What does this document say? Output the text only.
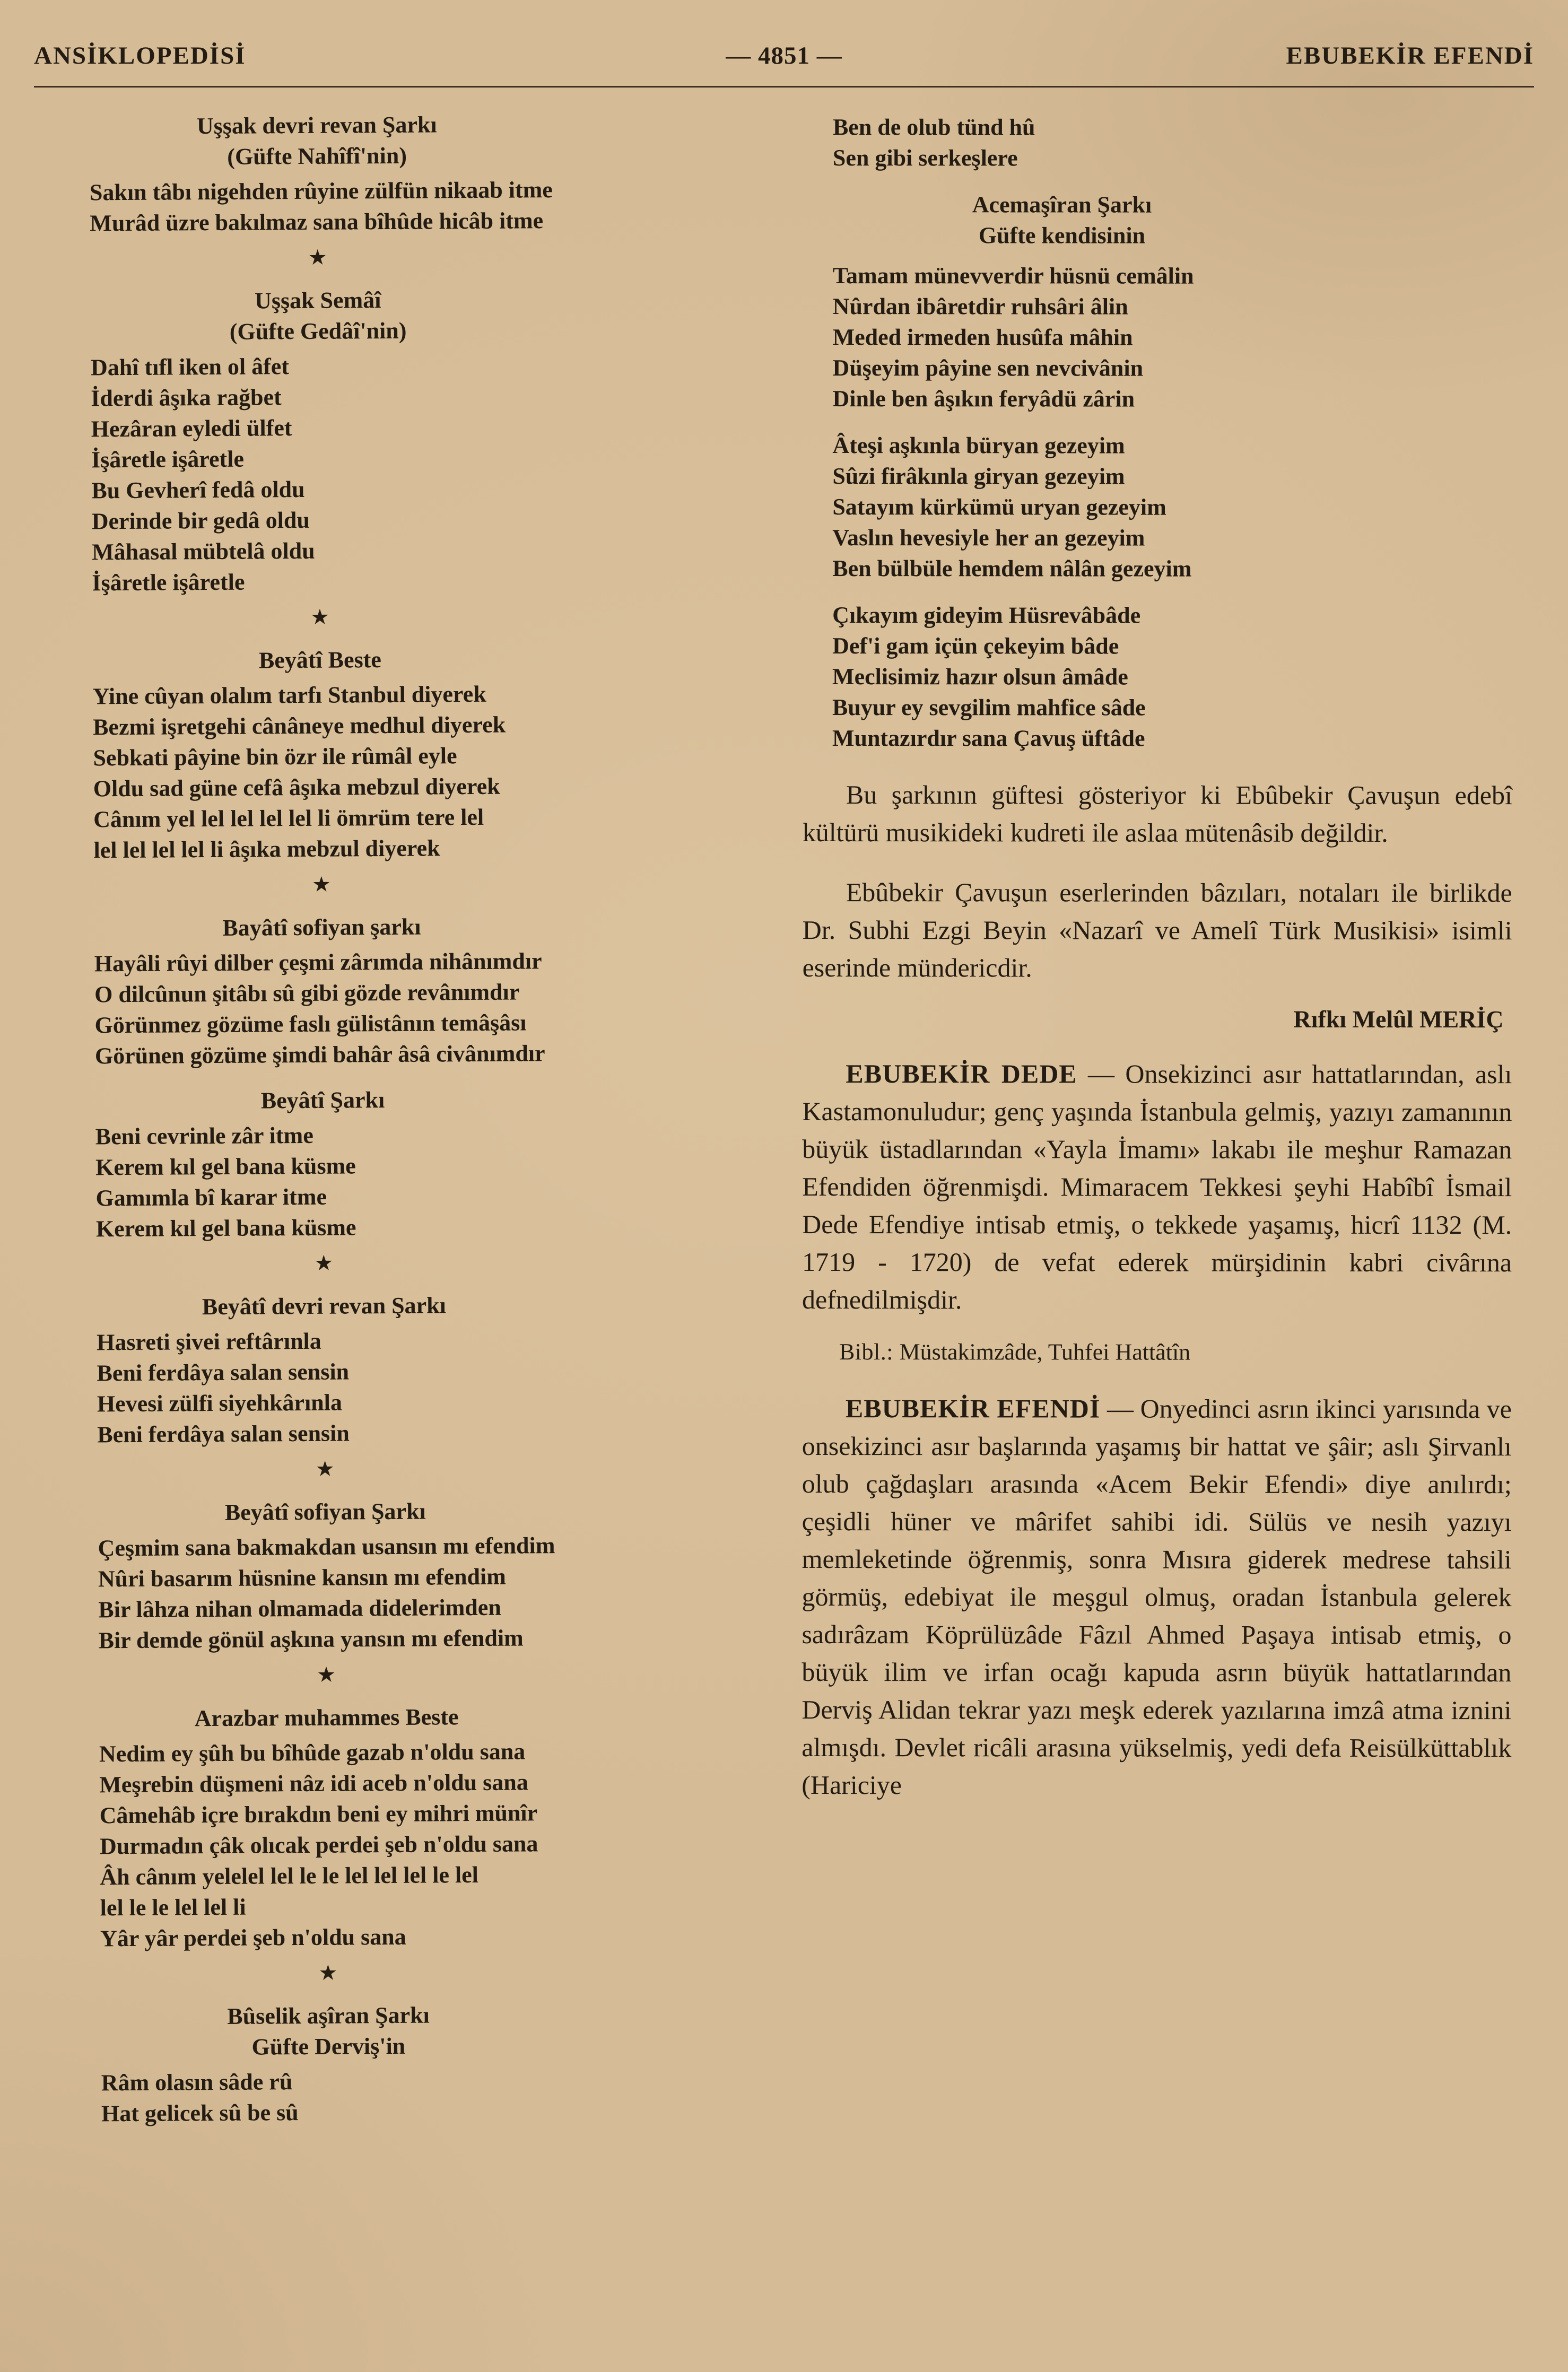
ANSİKLOPEDİSİ	— 4851 —	EBUBEKİR EFENDİ
Uşşak devri revan Şarkı
(Güfte Nahîfî'nin)
Sakın tâbı nigehden rûyine zülfün nikaab itme
Murâd üzre bakılmaz sana bîhûde hicâb itme
★
Uşşak Semâî
(Güfte Gedâî'nin)
Dahî tıfl iken ol âfet
İderdi âşıka rağbet
Hezâran eyledi ülfet
İşâretle işâretle
Bu Gevherî fedâ oldu
Derinde bir gedâ oldu
Mâhasal mübtelâ oldu
İşâretle işâretle
★
Beyâtî Beste
Yine cûyan olalım tarfı Stanbul diyerek
Bezmi işretgehi cânâneye medhul diyerek
Sebkati pâyine bin özr ile rûmâl eyle
Oldu sad güne cefâ âşıka mebzul diyerek
Cânım yel lel lel lel lel li ömrüm tere lel
lel lel lel lel li âşıka mebzul diyerek
★
Bayâtî sofiyan şarkı
Hayâli rûyi dilber çeşmi zârımda nihânımdır
O dilcûnun şitâbı sû gibi gözde revânımdır
Görünmez gözüme faslı gülistânın temâşâsı
Görünen gözüme şimdi bahâr âsâ civânımdır
Beyâtî Şarkı
Beni cevrinle zâr itme
Kerem kıl gel bana küsme
Gamımla bî karar itme
Kerem kıl gel bana küsme
★
Beyâtî devri revan Şarkı
Hasreti şivei reftârınla
Beni ferdâya salan sensin
Hevesi zülfi siyehkârınla
Beni ferdâya salan sensin
★
Beyâtî sofiyan Şarkı
Çeşmim sana bakmakdan usansın mı efendim
Nûri basarım hüsnine kansın mı efendim
Bir lâhza nihan olmamada didelerimden
Bir demde gönül aşkına yansın mı efendim
★
Arazbar muhammes Beste
Nedim ey şûh bu bîhûde gazab n'oldu sana
Meşrebin düşmeni nâz idi aceb n'oldu sana
Câmehâb içre bırakdın beni ey mihri münîr
Durmadın çâk olıcak perdei şeb n'oldu sana
Âh cânım yelelel lel le le lel lel lel le lel
lel le le lel lel li
Yâr yâr perdei şeb n'oldu sana
★
Bûselik aşîran Şarkı
Güfte Derviş'in
Râm olasın sâde rû
Hat gelicek sû be sû
Ben de olub tünd hû
Sen gibi serkeşlere
Acemaşîran Şarkı
Güfte kendisinin
Tamam münevverdir hüsnü cemâlin
Nûrdan ibâretdir ruhsâri âlin
Meded irmeden husûfa mâhin
Düşeyim pâyine sen nevcivânin
Dinle ben âşıkın feryâdü zârin
Âteşi aşkınla büryan gezeyim
Sûzi firâkınla giryan gezeyim
Satayım kürkümü uryan gezeyim
Vaslın hevesiyle her an gezeyim
Ben bülbüle hemdem nâlân gezeyim
Çıkayım gideyim Hüsrevâbâde
Def'i gam içün çekeyim bâde
Meclisimiz hazır olsun âmâde
Buyur ey sevgilim mahfice sâde
Muntazırdır sana Çavuş üftâde

Bu şarkının güftesi gösteriyor ki Ebûbekir Çavuşun edebî kültürü musikideki kudreti ile aslaa mütenâsib değildir.

Ebûbekir Çavuşun eserlerinden bâzıları, notaları ile birlikde Dr. Subhi Ezgi Beyin «Nazarî ve Amelî Türk Musikisi» isimli eserinde mündericdir.

Rıfkı Melûl MERİÇ

EBUBEKİR DEDE — Onsekizinci asır hattatlarından, aslı Kastamonuludur; genç yaşında İstanbula gelmiş, yazıyı zamanının büyük üstadlarından «Yayla İmamı» lakabı ile meşhur Ramazan Efendiden öğrenmişdi. Mimaracem Tekkesi şeyhi Habîbî İsmail Dede Efendiye intisab etmiş, o tekkede yaşamış, hicrî 1132 (M. 1719 - 1720) de vefat ederek mürşidinin kabri civârına defnedilmişdir.

Bibl.: Müstakimzâde, Tuhfei Hattâtîn

EBUBEKİR EFENDİ — Onyedinci asrın ikinci yarısında ve onsekizinci asır başlarında yaşamış bir hattat ve şâir; aslı Şirvanlı olub çağdaşları arasında «Acem Bekir Efendi» diye anılırdı; çeşidli hüner ve mârifet sahibi idi. Sülüs ve nesih yazıyı memleketinde öğrenmiş, sonra Mısıra giderek medrese tahsili görmüş, edebiyat ile meşgul olmuş, oradan İstanbula gelerek sadırâzam Köprülüzâde Fâzıl Ahmed Paşaya intisab etmiş, o büyük ilim ve irfan ocağı kapuda asrın büyük hattatlarından Derviş Alidan tekrar yazı meşk ederek yazılarına imzâ atma iznini almışdı. Devlet ricâli arasına yükselmiş, yedi defa Reisülküttablık (Hariciye
